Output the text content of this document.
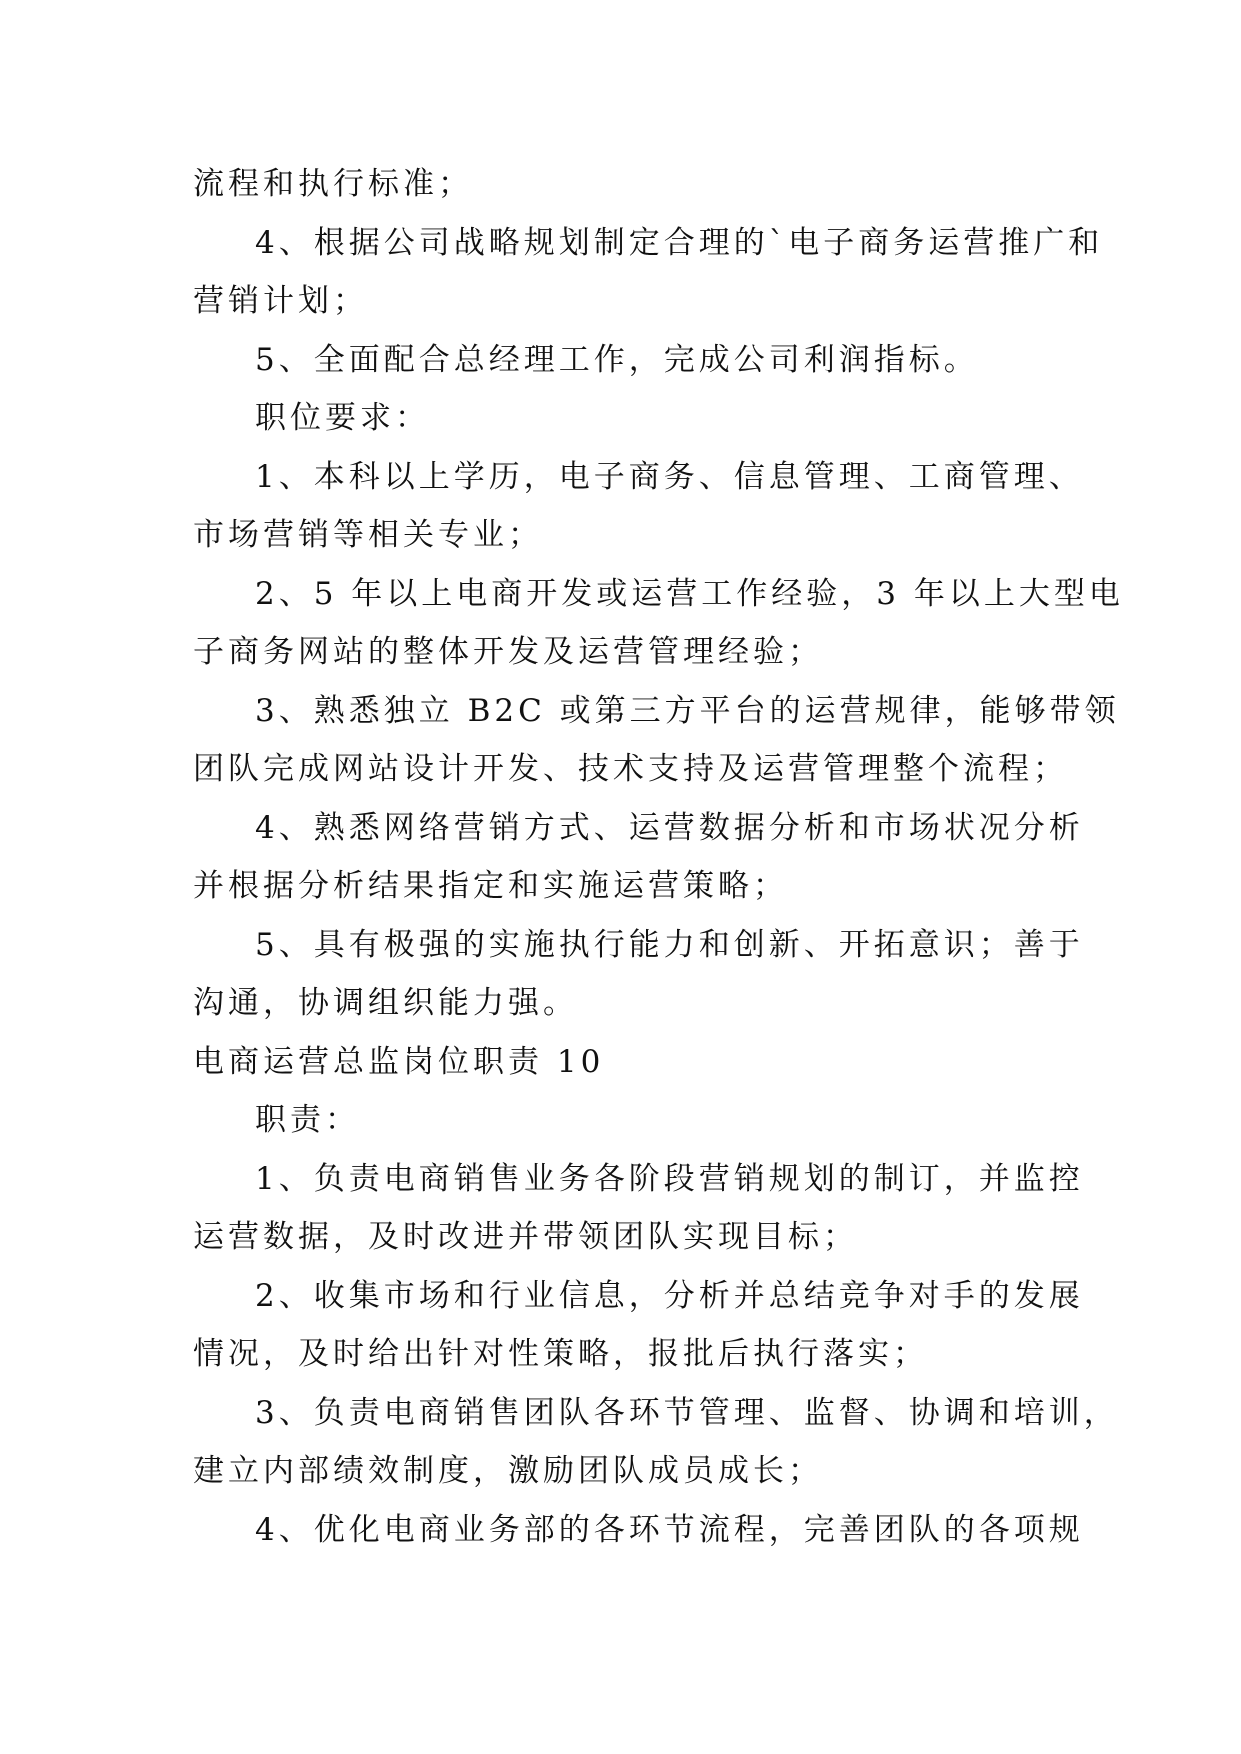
流程和执行标准；

4、根据公司战略规划制定合理的`电子商务运营推广和

营销计划；

5、全面配合总经理工作，完成公司利润指标。

职位要求：

1、本科以上学历，电子商务、信息管理、工商管理、

市场营销等相关专业；

2、5 年以上电商开发或运营工作经验，3 年以上大型电

子商务网站的整体开发及运营管理经验；

3、熟悉独立 B2C 或第三方平台的运营规律，能够带领

团队完成网站设计开发、技术支持及运营管理整个流程；

4、熟悉网络营销方式、运营数据分析和市场状况分析

并根据分析结果指定和实施运营策略；

5、具有极强的实施执行能力和创新、开拓意识；善于

沟通，协调组织能力强。

电商运营总监岗位职责 10

职责：

1、负责电商销售业务各阶段营销规划的制订，并监控

运营数据，及时改进并带领团队实现目标；

2、收集市场和行业信息，分析并总结竞争对手的发展

情况，及时给出针对性策略，报批后执行落实；

3、负责电商销售团队各环节管理、监督、协调和培训，

建立内部绩效制度，激励团队成员成长；

4、优化电商业务部的各环节流程，完善团队的各项规
